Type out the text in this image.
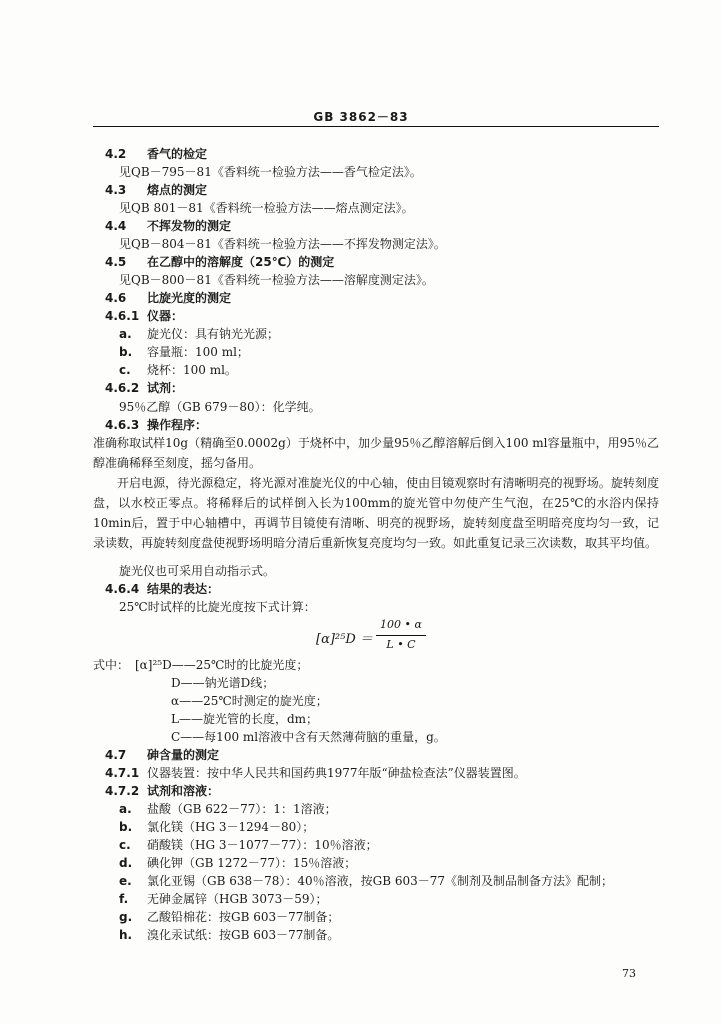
GB 3862－83
4.2 香气的检定
见QB－795－81《香料统一检验方法——香气检定法》。
4.3 熔点的测定
见QB 801－81《香料统一检验方法——熔点测定法》。
4.4 不挥发物的测定
见QB－804－81《香料统一检验方法——不挥发物测定法》。
4.5 在乙醇中的溶解度（25℃）的测定
见QB－800－81《香料统一检验方法——溶解度测定法》。
4.6 比旋光度的测定
4.6.1 仪器：
a. 旋光仪：具有钠光光源；
b. 容量瓶：100 ml；
c. 烧杯：100 ml。
4.6.2 试剂：
95％乙醇（GB 679－80）：化学纯。
4.6.3 操作程序：
准确称取试样10g（精确至0.0002g）于烧杯中，加少量95％乙醇溶解后倒入100 ml容量瓶中，用95％乙醇准确稀释至刻度，摇匀备用。
开启电源，待光源稳定，将光源对准旋光仪的中心轴，使由目镜观察时有清晰明亮的视野场。旋转刻度盘，以水校正零点。将稀释后的试样倒入长为100mm的旋光管中勿使产生气泡，在25℃的水浴内保持10min后，置于中心轴槽中，再调节目镜使有清晰、明亮的视野场，旋转刻度盘至明暗亮度均匀一致，记录读数，再旋转刻度盘使视野场明暗分清后重新恢复亮度均匀一致。如此重复记录三次读数，取其平均值。
旋光仪也可采用自动指示式。
4.6.4 结果的表达：
25℃时试样的比旋光度按下式计算：
[α]²⁵D ＝
100 • α
L • C
式中： [α]²⁵D——25℃时的比旋光度；
D——钠光谱D线；
α——25℃时测定的旋光度；
L——旋光管的长度，dm；
C——每100 ml溶液中含有天然薄荷脑的重量，g。
4.7 砷含量的测定
4.7.1 仪器装置：按中华人民共和国药典1977年版“砷盐检查法”仪器装置图。
4.7.2 试剂和溶液：
a. 盐酸（GB 622－77）：1：1溶液；
b. 氯化镁（HG 3－1294－80）；
c. 硝酸镁（HG 3－1077－77）：10％溶液；
d. 碘化钾（GB 1272－77）：15％溶液；
e. 氯化亚锡（GB 638－78）：40％溶液，按GB 603－77《制剂及制品制备方法》配制；
f. 无砷金属锌（HGB 3073－59）；
g. 乙酸铅棉花：按GB 603－77制备；
h. 溴化汞试纸：按GB 603－77制备。
73
